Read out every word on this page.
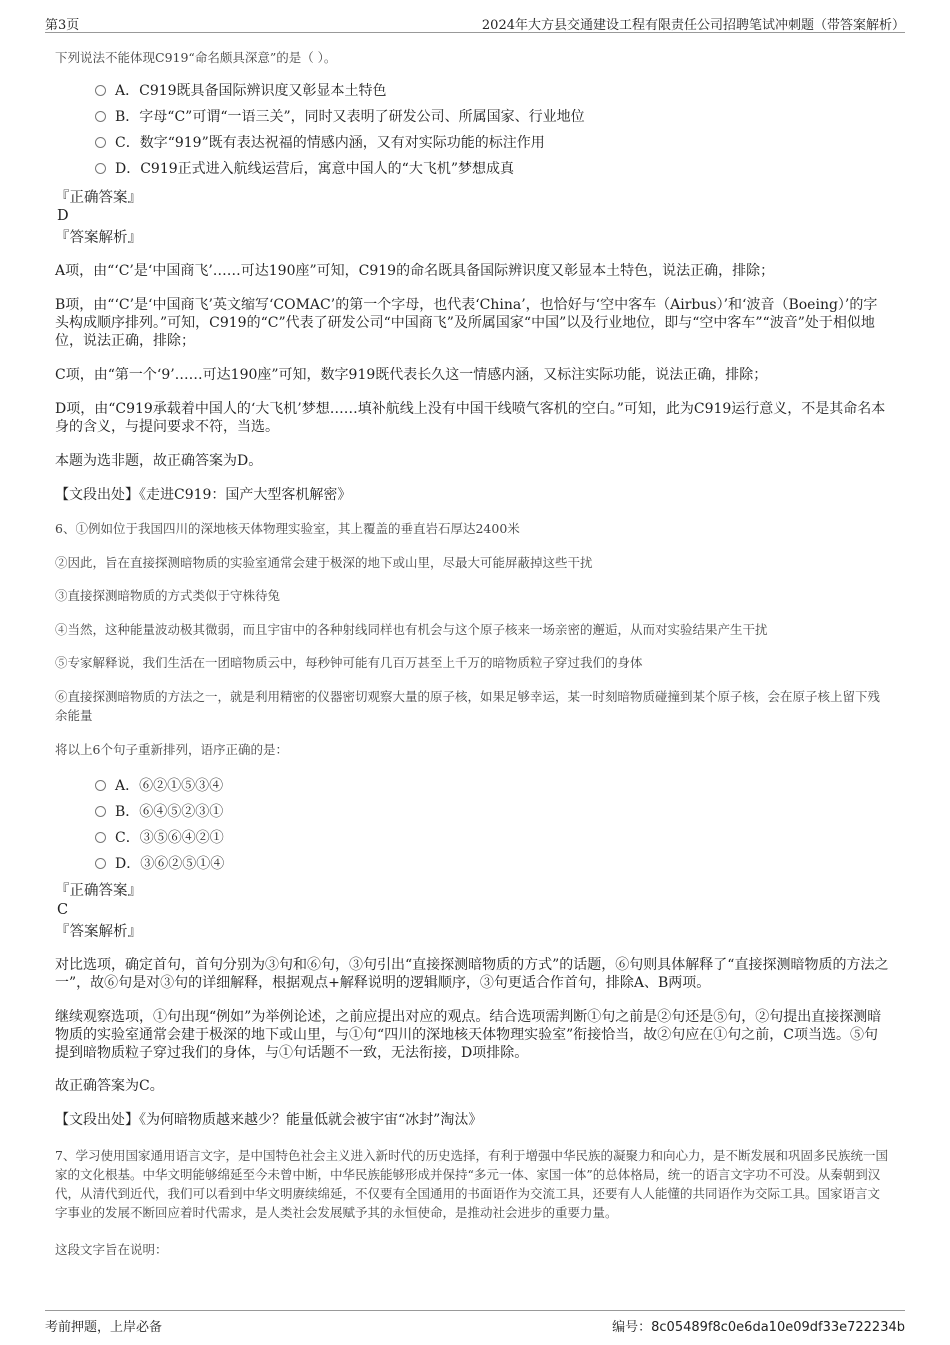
第3页	2024年大方县交通建设工程有限责任公司招聘笔试冲刺题（带答案解析）
下列说法不能体现C919“命名颇具深意”的是（ ）。
A．C919既具备国际辨识度又彰显本土特色
B．字母“C”可谓“一语三关”，同时又表明了研发公司、所属国家、行业地位
C．数字“919”既有表达祝福的情感内涵，又有对实际功能的标注作用
D．C919正式进入航线运营后，寓意中国人的“大飞机”梦想成真
『正确答案』
D
『答案解析』
A项，由“‘C’是‘中国商飞’……可达190座”可知，C919的命名既具备国际辨识度又彰显本土特色，说法正确，排除；
B项，由“‘C’是‘中国商飞’英文缩写‘COMAC’的第一个字母，也代表‘China’，也恰好与‘空中客车（Airbus）’和‘波音（Boeing）’的字头构成顺序排列。”可知，C919的“C”代表了研发公司“中国商飞”及所属国家“中国”以及行业地位，即与“空中客车”“波音”处于相似地位，说法正确，排除；
C项，由“第一个‘9’……可达190座”可知，数字919既代表长久这一情感内涵，又标注实际功能，说法正确，排除；
D项，由“C919承载着中国人的‘大飞机’梦想……填补航线上没有中国干线喷气客机的空白。”可知，此为C919运行意义，不是其命名本身的含义，与提问要求不符，当选。
本题为选非题，故正确答案为D。
【文段出处】《走进C919：国产大型客机解密》
6、①例如位于我国四川的深地核天体物理实验室，其上覆盖的垂直岩石厚达2400米
②因此，旨在直接探测暗物质的实验室通常会建于极深的地下或山里，尽最大可能屏蔽掉这些干扰
③直接探测暗物质的方式类似于守株待兔
④当然，这种能量波动极其微弱，而且宇宙中的各种射线同样也有机会与这个原子核来一场亲密的邂逅，从而对实验结果产生干扰
⑤专家解释说，我们生活在一团暗物质云中，每秒钟可能有几百万甚至上千万的暗物质粒子穿过我们的身体
⑥直接探测暗物质的方法之一，就是利用精密的仪器密切观察大量的原子核，如果足够幸运，某一时刻暗物质碰撞到某个原子核，会在原子核上留下残余能量
将以上6个句子重新排列，语序正确的是：
A．⑥②①⑤③④
B．⑥④⑤②③①
C．③⑤⑥④②①
D．③⑥②⑤①④
『正确答案』
C
『答案解析』
对比选项，确定首句，首句分别为③句和⑥句，③句引出“直接探测暗物质的方式”的话题，⑥句则具体解释了“直接探测暗物质的方法之一”，故⑥句是对③句的详细解释，根据观点+解释说明的逻辑顺序，③句更适合作首句，排除A、B两项。
继续观察选项，①句出现“例如”为举例论述，之前应提出对应的观点。结合选项需判断①句之前是②句还是⑤句，②句提出直接探测暗物质的实验室通常会建于极深的地下或山里，与①句“四川的深地核天体物理实验室”衔接恰当，故②句应在①句之前，C项当选。⑤句提到暗物质粒子穿过我们的身体，与①句话题不一致，无法衔接，D项排除。
故正确答案为C。
【文段出处】《为何暗物质越来越少？能量低就会被宇宙“冰封”淘汰》
7、学习使用国家通用语言文字，是中国特色社会主义进入新时代的历史选择，有利于增强中华民族的凝聚力和向心力，是不断发展和巩固多民族统一国家的文化根基。中华文明能够绵延至今未曾中断，中华民族能够形成并保持“多元一体、家国一体”的总体格局，统一的语言文字功不可没。从秦朝到汉代，从清代到近代，我们可以看到中华文明赓续绵延，不仅要有全国通用的书面语作为交流工具，还要有人人能懂的共同语作为交际工具。国家语言文字事业的发展不断回应着时代需求，是人类社会发展赋予其的永恒使命，是推动社会进步的重要力量。
这段文字旨在说明：
考前押题，上岸必备	编号：8c05489f8c0e6da10e09df33e722234b
